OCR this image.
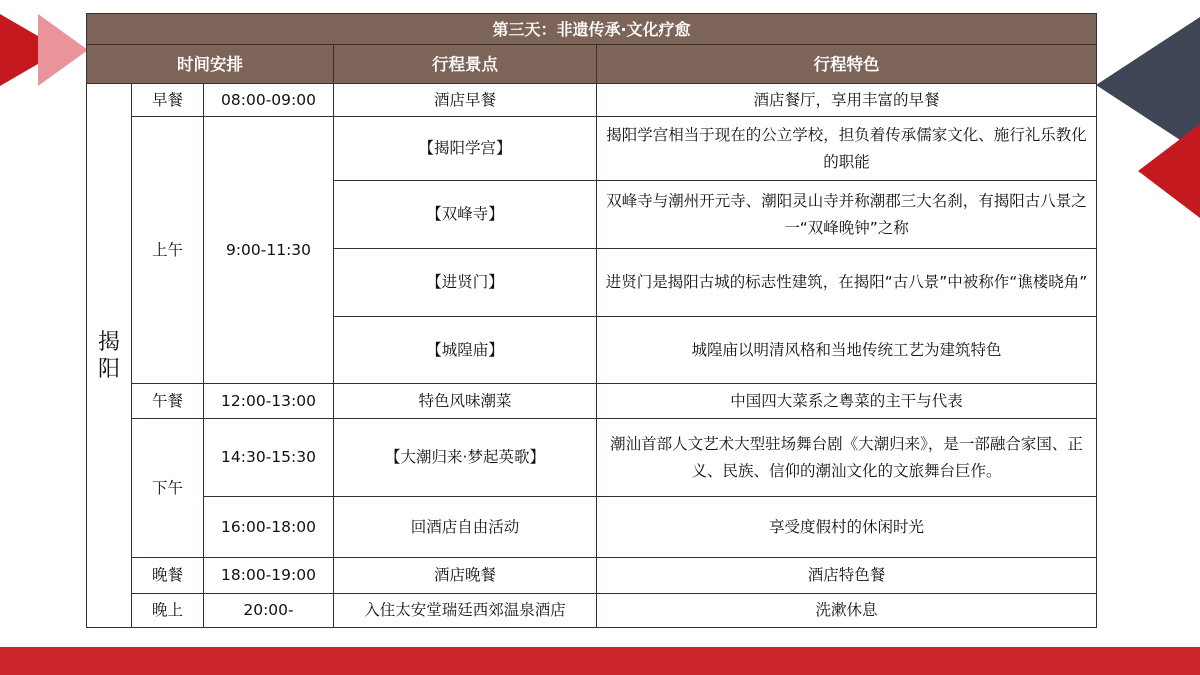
第三天：非遗传承·文化疗愈				
时间安排			行程景点	行程特色

揭
阳	早餐	08:00-09:00	酒店早餐	酒店餐厅，享用丰富的早餐
	上午	9:00-11:30	【揭阳学宫】	揭阳学宫相当于现在的公立学校，担负着传承儒家文化、施行礼乐教化的职能
			【双峰寺】	双峰寺与潮州开元寺、潮阳灵山寺并称潮郡三大名刹，有揭阳古八景之一“双峰晚钟”之称
			【进贤门】	进贤门是揭阳古城的标志性建筑，在揭阳“古八景”中被称作“谯楼晓角”
			【城隍庙】	城隍庙以明清风格和当地传统工艺为建筑特色
	午餐	12:00-13:00	特色风味潮菜	中国四大菜系之粤菜的主干与代表
	下午	14:30-15:30	【大潮归来·梦起英歌】	潮汕首部人文艺术大型驻场舞台剧《大潮归来》，是一部融合家国、正义、民族、信仰的潮汕文化的文旅舞台巨作。
		16:00-18:00	回酒店自由活动	享受度假村的休闲时光
	晚餐	18:00-19:00	酒店晚餐	酒店特色餐
	晚上	20:00-	入住太安堂瑞廷西郊温泉酒店	洗漱休息
